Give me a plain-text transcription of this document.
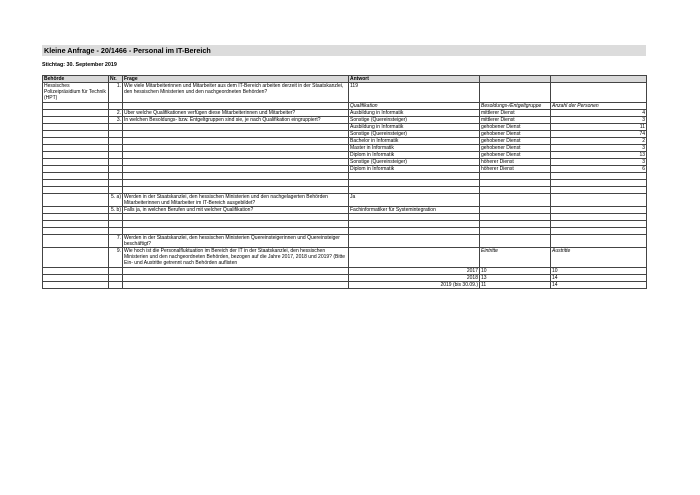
Kleine Anfrage - 20/1466 - Personal im IT-Bereich
Stichtag: 30. September 2019
Behörde	Nr.	Frage	Antwort		
Hessisches Polizeipräsidium für Technik (HPT)	1.	Wie viele Mitarbeiterinnen und Mitarbeiter aus dem IT-Bereich arbeiten derzeit in der Staatskanzlei, den hessischen Ministerien und den nachgeordneten Behörden?	119		
			Qualifikation	Besoldungs-/Entgeltgruppe	Anzahl der Personen
	2.	Über welche Qualifikationen verfügen diese Mitarbeiterinnen und Mitarbeiter?	Ausbildung in Informatik	mittlerer Dienst	4
	3.	In welchen Besoldungs- bzw. Entgeltgruppen sind sie, je nach Qualifikation eingruppiert?	Sonstige (Quereinsteiger)	mittlerer Dienst	3
			Ausbildung in Informatik	gehobener Dienst	11
			Sonstige (Quereinsteiger)	gehobener Dienst	74
			Bachelor in Informatik	gehobener Dienst	2
			Master in Informatik	gehobener Dienst	3
			Diplom in Informatik	gehobener Dienst	13
			Sonstige (Quereinsteiger)	höherer Dienst	3
			Diplom in Informatik	höherer Dienst	6

	5. a)	Werden in der Staatskanzlei, den hessischen Ministerien und den nachgelagerten Behörden Mitarbeiterinnen und Mitarbeiter im IT-Bereich ausgebildet?	Ja		
	5. b)	Falls ja, in welchen Berufen und mit welcher Qualifikation?	Fachinformatiker für Systemintegration		

	7.	Werden in der Staatskanzlei, den hessischen Ministerien Quereinsteigerinnen und Quereinsteiger beschäftigt?			
	9.	Wie hoch ist die Personalfluktuation im Bereich der IT in der Staatskanzlei, den hessischen Ministerien und den nachgeordneten Behörden, bezogen auf die Jahre 2017, 2018 und 2019? (Bitte Ein- und Austritte getrennt nach Behörden auflisten		Eintritte	Austritte
			2017	10	10
			2018	13	14
			2019 (bis 30.09.)	11	14
